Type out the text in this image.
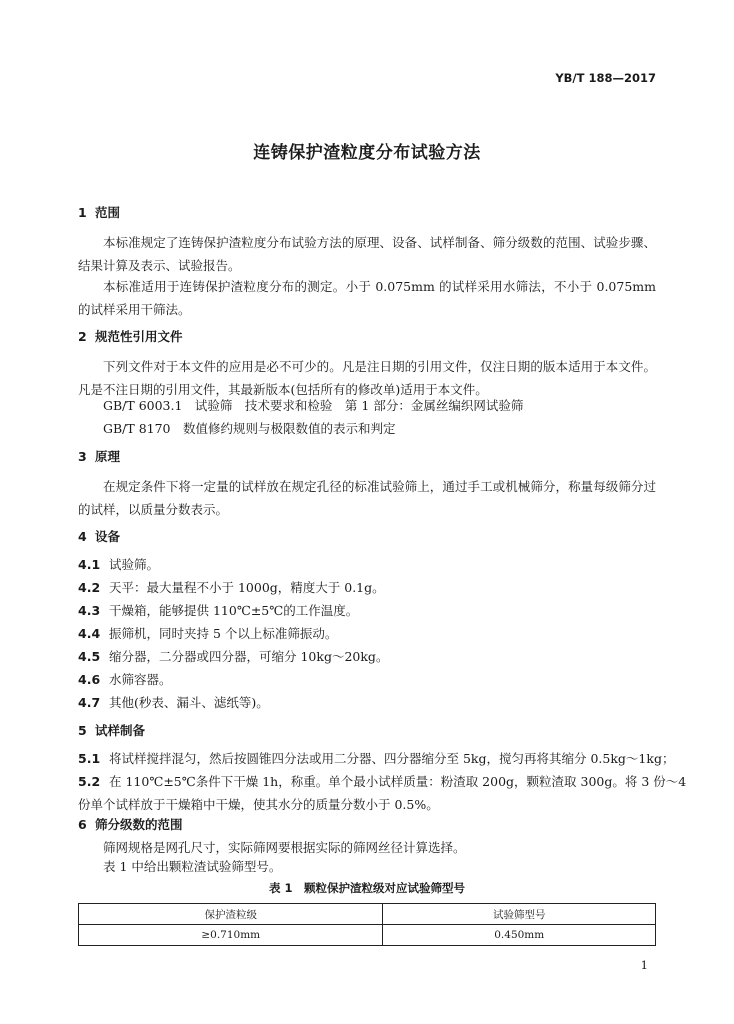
YB/T 188—2017
连铸保护渣粒度分布试验方法
1 范围
本标准规定了连铸保护渣粒度分布试验方法的原理、设备、试样制备、筛分级数的范围、试验步骤、结果计算及表示、试验报告。
本标准适用于连铸保护渣粒度分布的测定。小于 0.075mm 的试样采用水筛法，不小于 0.075mm 的试样采用干筛法。
2 规范性引用文件
下列文件对于本文件的应用是必不可少的。凡是注日期的引用文件，仅注日期的版本适用于本文件。凡是不注日期的引用文件，其最新版本(包括所有的修改单)适用于本文件。
GB/T 6003.1　试验筛　技术要求和检验　第 1 部分：金属丝编织网试验筛
GB/T 8170　数值修约规则与极限数值的表示和判定
3 原理
在规定条件下将一定量的试样放在规定孔径的标准试验筛上，通过手工或机械筛分，称量每级筛分过的试样，以质量分数表示。
4 设备
4.1 试验筛。
4.2 天平：最大量程不小于 1000g，精度大于 0.1g。
4.3 干燥箱，能够提供 110℃±5℃的工作温度。
4.4 振筛机，同时夹持 5 个以上标准筛振动。
4.5 缩分器，二分器或四分器，可缩分 10kg～20kg。
4.6 水筛容器。
4.7 其他(秒表、漏斗、滤纸等)。
5 试样制备
5.1 将试样搅拌混匀，然后按圆锥四分法或用二分器、四分器缩分至 5kg，搅匀再将其缩分 0.5kg～1kg；
5.2 在 110℃±5℃条件下干燥 1h，称重。单个最小试样质量：粉渣取 200g，颗粒渣取 300g。将 3 份～4
份单个试样放于干燥箱中干燥，使其水分的质量分数小于 0.5%。
6 筛分级数的范围
筛网规格是网孔尺寸，实际筛网要根据实际的筛网丝径计算选择。
表 1　颗粒保护渣粒级对应试验筛型号
保护渣粒级	试验筛型号
≥0.710mm	0.450mm
1
表 1 中给出颗粒渣试验筛型号。
